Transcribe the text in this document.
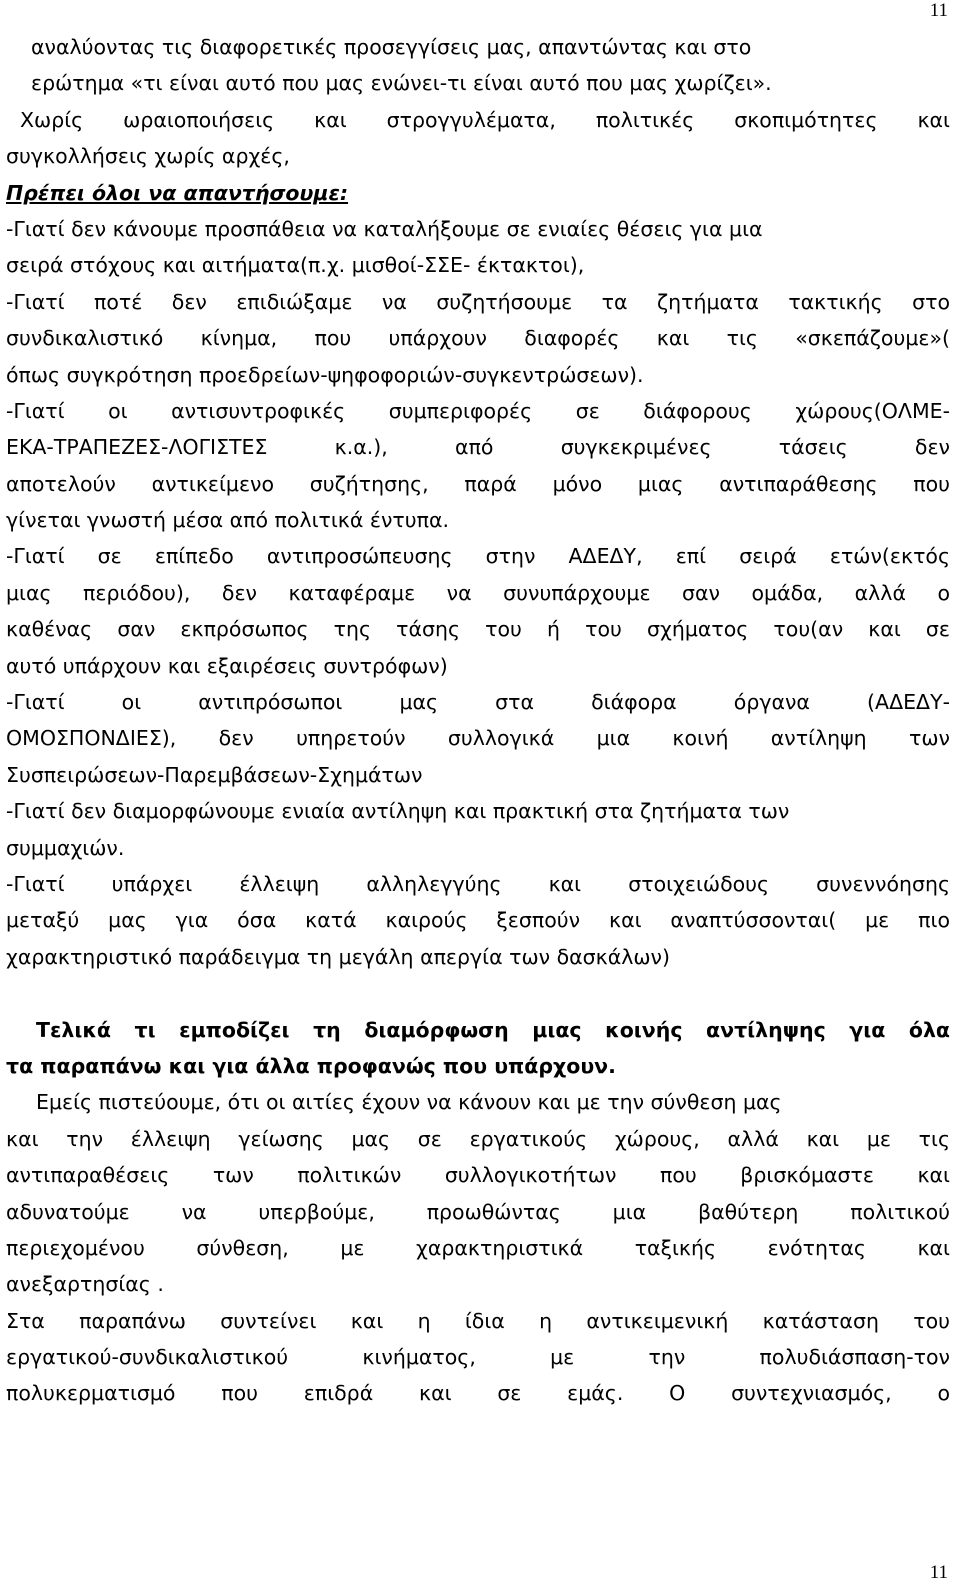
11
αναλύοντας τις διαφορετικές προσεγγίσεις μας, απαντώντας και στο
ερώτημα «τι είναι αυτό που μας ενώνει-τι είναι αυτό που μας χωρίζει».
Χωρίς ωραιοποιήσεις και στρογγυλέματα, πολιτικές σκοπιμότητες και
συγκολλήσεις χωρίς αρχές,
Πρέπει όλοι να απαντήσουμε:
-Γιατί δεν κάνουμε προσπάθεια να καταλήξουμε σε ενιαίες θέσεις για μια
σειρά στόχους και αιτήματα(π.χ. μισθοί-ΣΣΕ- έκτακτοι),
-Γιατί ποτέ δεν επιδιώξαμε να συζητήσουμε τα ζητήματα τακτικής στο
συνδικαλιστικό κίνημα, που υπάρχουν διαφορές και τις «σκεπάζουμε»(
όπως συγκρότηση προεδρείων-ψηφοφοριών-συγκεντρώσεων).
-Γιατί οι αντισυντροφικές συμπεριφορές σε διάφορους χώρους(ΟΛΜΕ-
ΕΚΑ-ΤΡΑΠΕΖΕΣ-ΛΟΓΙΣΤΕΣ κ.α.), από συγκεκριμένες τάσεις δεν
αποτελούν αντικείμενο συζήτησης, παρά μόνο μιας αντιπαράθεσης που
γίνεται γνωστή μέσα από πολιτικά έντυπα.
-Γιατί σε επίπεδο αντιπροσώπευσης στην ΑΔΕΔΥ, επί σειρά ετών(εκτός
μιας περιόδου), δεν καταφέραμε να συνυπάρχουμε σαν ομάδα, αλλά ο
καθένας σαν εκπρόσωπος της τάσης του ή του σχήματος του(αν και σε
αυτό υπάρχουν και εξαιρέσεις συντρόφων)
-Γιατί οι αντιπρόσωποι μας στα διάφορα όργανα (ΑΔΕΔΥ-
ΟΜΟΣΠΟΝΔΙΕΣ), δεν υπηρετούν συλλογικά μια κοινή αντίληψη των
Συσπειρώσεων-Παρεμβάσεων-Σχημάτων
-Γιατί δεν διαμορφώνουμε ενιαία αντίληψη και πρακτική στα ζητήματα των
συμμαχιών.
-Γιατί υπάρχει έλλειψη αλληλεγγύης και στοιχειώδους συνεννόησης
μεταξύ μας για όσα κατά καιρούς ξεσπούν και αναπτύσσονται( με πιο
χαρακτηριστικό παράδειγμα τη μεγάλη απεργία των δασκάλων)
Τελικά τι εμποδίζει τη διαμόρφωση μιας κοινής αντίληψης για όλα
τα παραπάνω και για άλλα προφανώς που υπάρχουν.
Εμείς πιστεύουμε, ότι οι αιτίες έχουν να κάνουν και με την σύνθεση μας
και την έλλειψη γείωσης μας σε εργατικούς χώρους, αλλά και με τις
αντιπαραθέσεις των πολιτικών συλλογικοτήτων που βρισκόμαστε και
αδυνατούμε να υπερβούμε, προωθώντας μια βαθύτερη πολιτικού
περιεχομένου σύνθεση, με χαρακτηριστικά ταξικής ενότητας και
ανεξαρτησίας .
Στα παραπάνω συντείνει και η ίδια η αντικειμενική κατάσταση του
εργατικού-συνδικαλιστικού κινήματος, με την πολυδιάσπαση-τον
πολυκερματισμό που επιδρά και σε εμάς. Ο συντεχνιασμός, ο
11
